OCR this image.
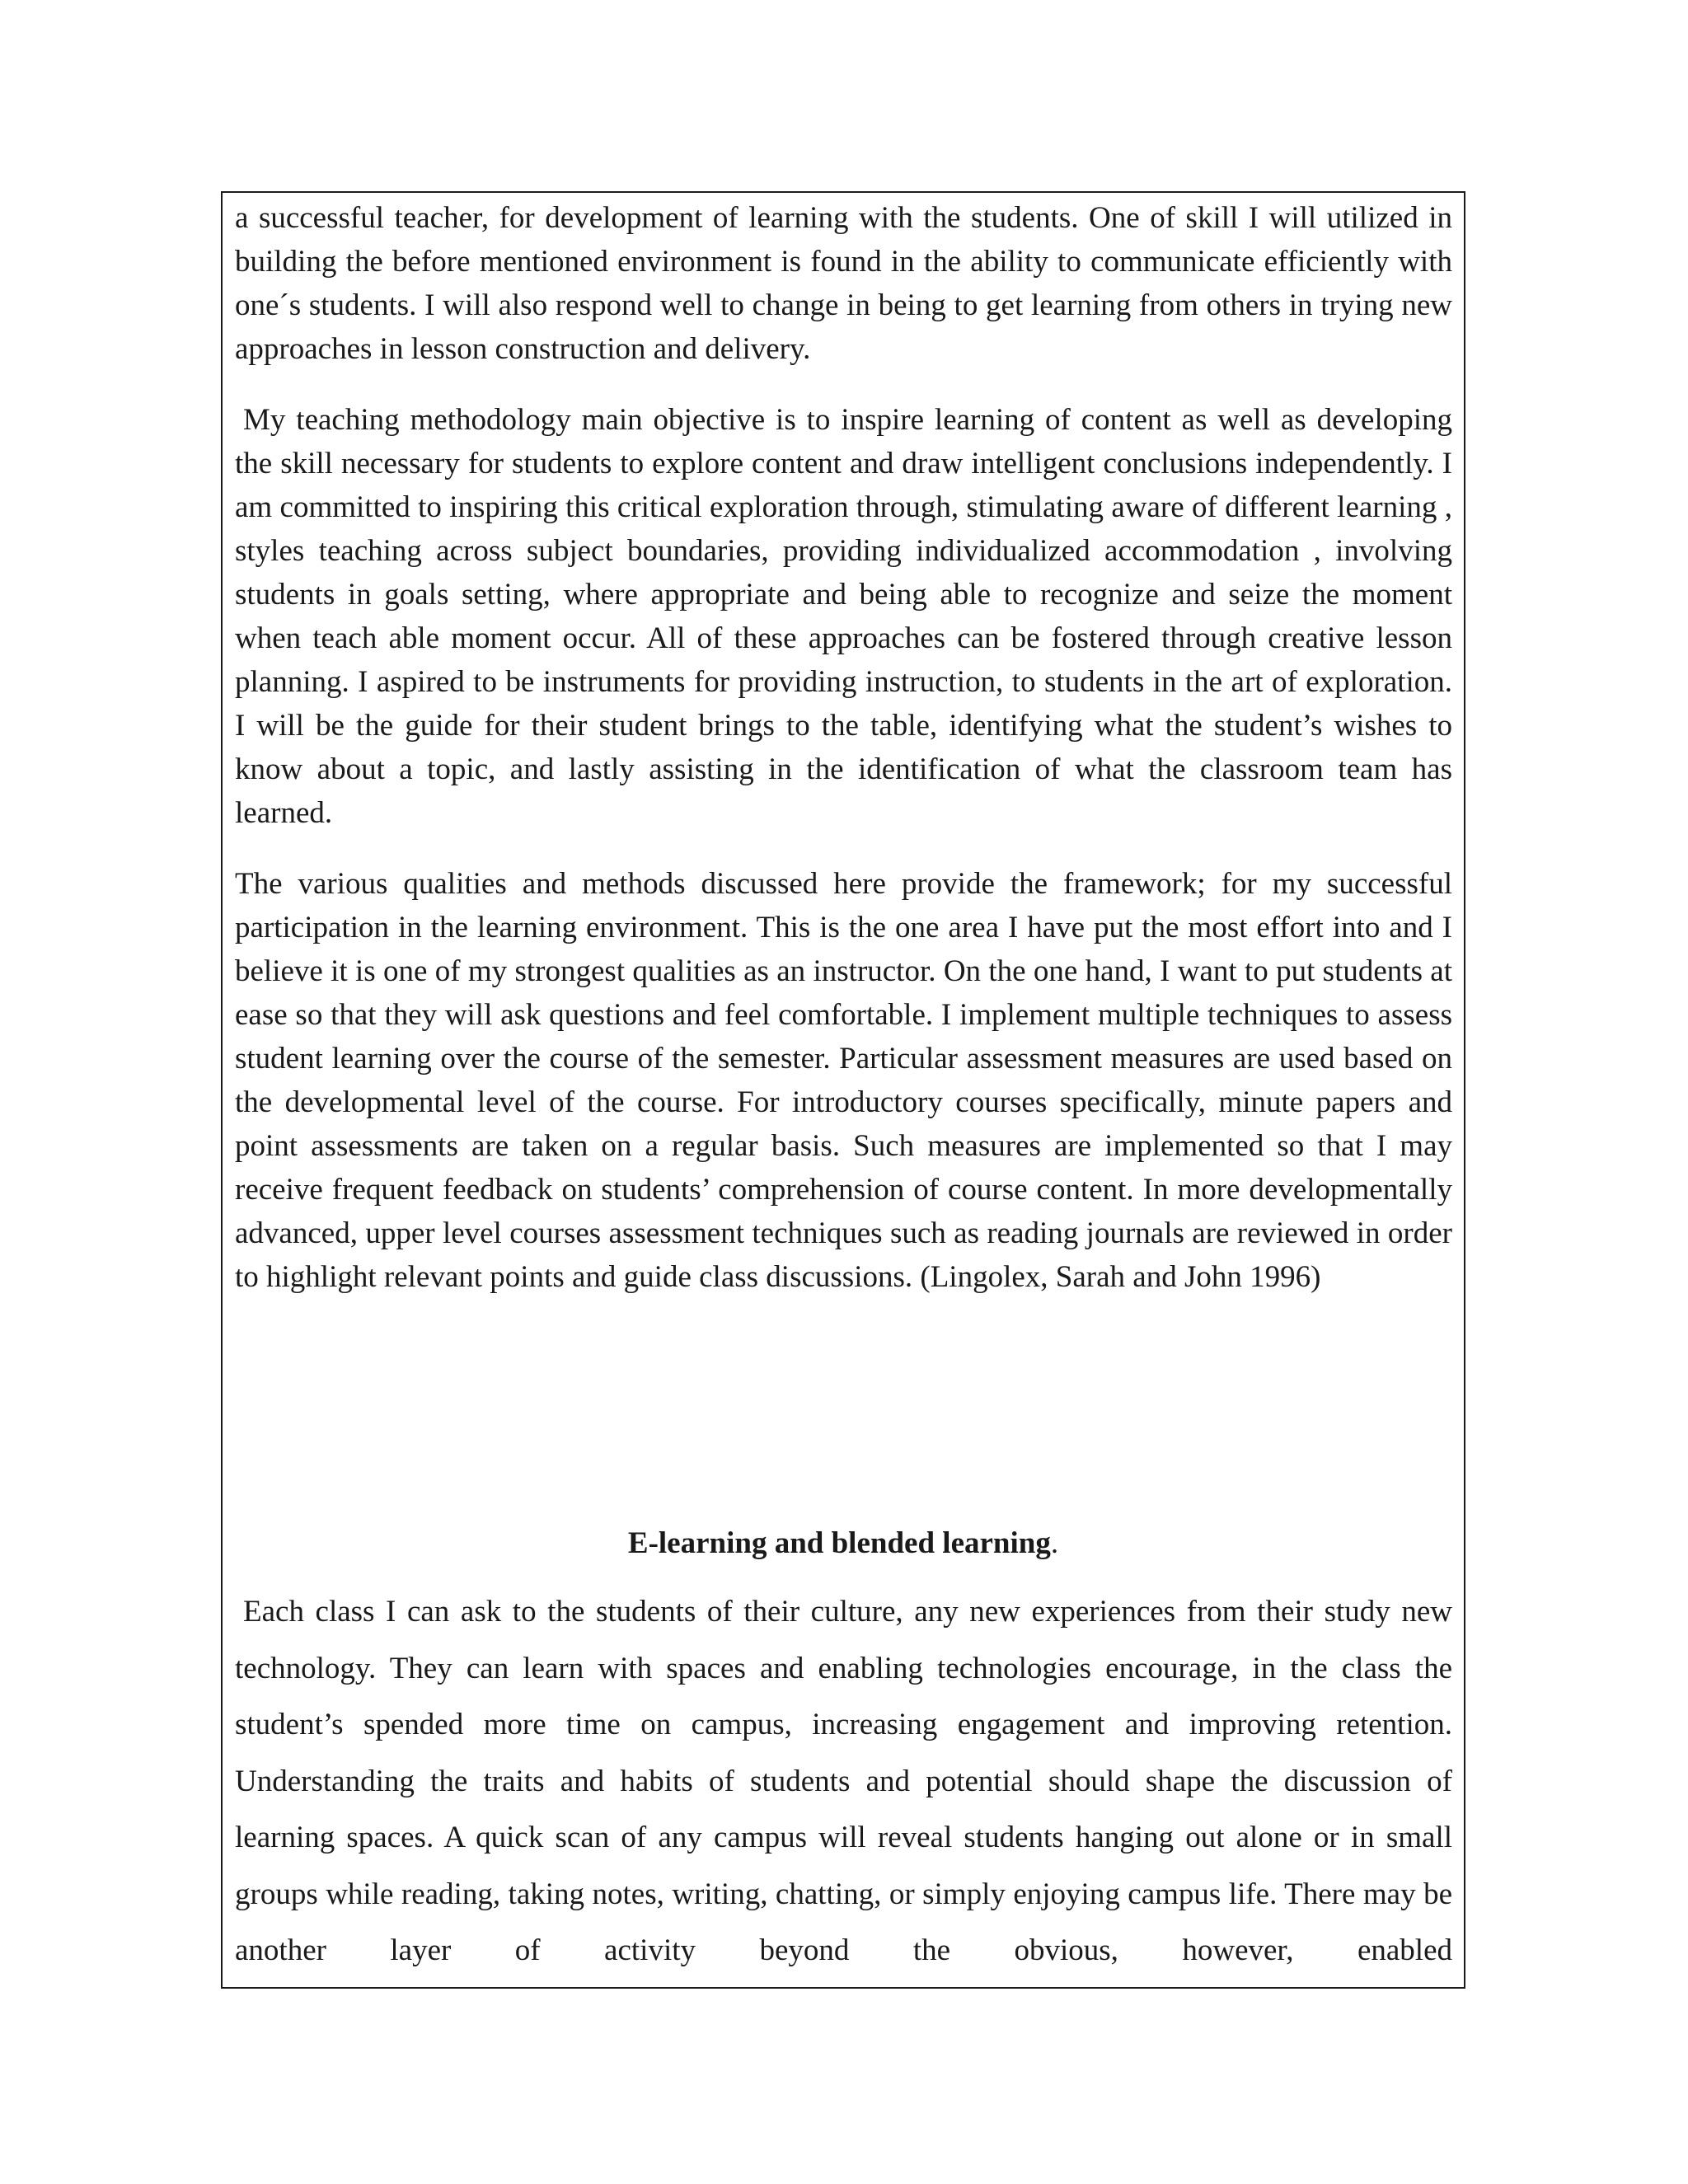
a successful teacher, for development of learning with the students. One of skill I will utilized in building the before mentioned environment is found in the ability to communicate efficiently with one´s students. I will also respond well to change in being to get learning from others in trying new approaches in lesson construction and delivery.

My teaching methodology main objective is to inspire learning of content as well as developing the skill necessary for students to explore content and draw intelligent conclusions independently. I am committed to inspiring this critical exploration through, stimulating aware of different learning , styles teaching across subject boundaries, providing individualized accommodation , involving students in goals setting, where appropriate and being able to recognize and seize the moment when teach able moment occur. All of these approaches can be fostered through creative lesson planning. I aspired to be instruments for providing instruction, to students in the art of exploration. I will be the guide for their student brings to the table, identifying what the student’s wishes to know about a topic, and lastly assisting in the identification of what the classroom team has learned.

The various qualities and methods discussed here provide the framework; for my successful participation in the learning environment. This is the one area I have put the most effort into and I believe it is one of my strongest qualities as an instructor. On the one hand, I want to put students at ease so that they will ask questions and feel comfortable. I implement multiple techniques to assess student learning over the course of the semester. Particular assessment measures are used based on the developmental level of the course. For introductory courses specifically, minute papers and point assessments are taken on a regular basis. Such measures are implemented so that I may receive frequent feedback on students’ comprehension of course content. In more developmentally advanced, upper level courses assessment techniques such as reading journals are reviewed in order to highlight relevant points and guide class discussions. (Lingolex, Sarah and John 1996)

E-learning and blended learning.

Each class I can ask to the students of their culture, any new experiences from their study new technology. They can learn with spaces and enabling technologies encourage, in the class the student’s spended more time on campus, increasing engagement and improving retention. Understanding the traits and habits of students and potential should shape the discussion of learning spaces. A quick scan of any campus will reveal students hanging out alone or in small groups while reading, taking notes, writing, chatting, or simply enjoying campus life. There may be another layer of activity beyond the obvious, however, enabled
